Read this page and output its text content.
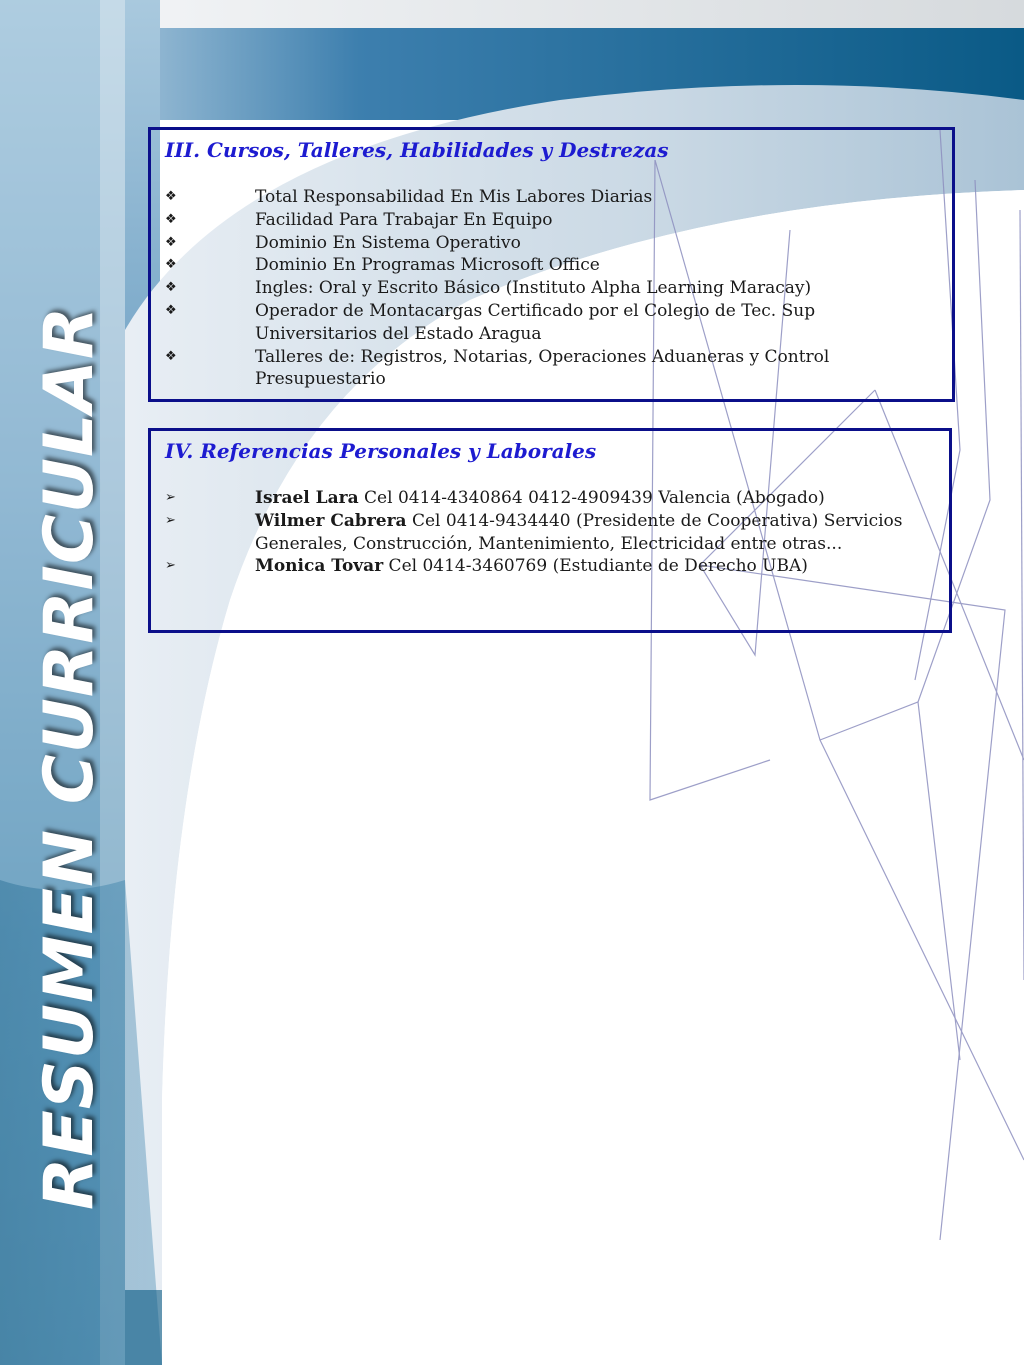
RESUMEN CURRICULAR
III. Cursos, Talleres, Habilidades y Destrezas
❖	Total Responsabilidad En Mis Labores Diarias
❖	Facilidad Para Trabajar En Equipo
❖	Dominio En Sistema Operativo
❖	Dominio En Programas Microsoft Office
❖	Ingles: Oral y Escrito Básico (Instituto Alpha Learning Maracay)
❖	Operador de Montacargas Certificado por el Colegio de Tec. Sup Universitarios del Estado Aragua
❖	Talleres de: Registros, Notarias, Operaciones Aduaneras y Control Presupuestario
IV. Referencias Personales y Laborales
➢	Israel Lara Cel 0414-4340864 0412-4909439 Valencia (Abogado)
➢	Wilmer Cabrera Cel 0414-9434440 (Presidente de Cooperativa) Servicios Generales, Construcción, Mantenimiento, Electricidad entre otras...
➢	Monica Tovar Cel 0414-3460769 (Estudiante de Derecho UBA)
